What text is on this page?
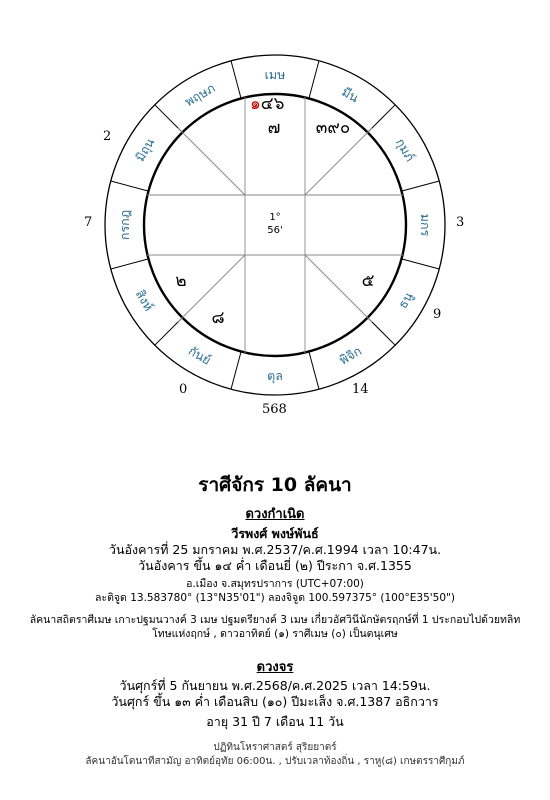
เมษ
พฤษภ
มิถุน
กรกฎ
สิงห์
กันย์
ตุล
พิจิก
ธนู
มกร
กุมภ์
มีน
1°
56'
๑๔๖
๗ ๓๙๐
๒	๕
๘
2
7	3
9
0	14
568
ราศีจักร 10 ลัคนา
ดวงกำเนิด
วีรพงศ์ พงษ์พันธ์
วันอังคารที่ 25 มกราคม พ.ศ.2537/ค.ศ.1994 เวลา 10:47น.
วันอังคาร ขึ้น ๑๔ ค่ำ เดือนยี่ (๒) ปีระกา จ.ศ.1355
อ.เมือง จ.สมุทรปราการ (UTC+07:00)
ละติจูด 13.583780° (13°N35'01") ลองจิจูด 100.597375° (100°E35'50")
ลัคนาสถิตราศีเมษ เกาะปฐมนวางค์ 3 เมษ ปฐมตรียางค์ 3 เมษ เกี่ยวอัศวินีนักษัตรฤกษ์ที่ 1 ประกอบไปด้วยทลิท
โทษแห่งฤกษ์ , ดาวอาทิตย์ (๑) ราศีเมษ (๐) เป็นตนุเศษ
ดวงจร
วันศุกร์ที่ 5 กันยายน พ.ศ.2568/ค.ศ.2025 เวลา 14:59น.
วันศุกร์ ขึ้น ๑๓ ค่ำ เดือนสิบ (๑๐) ปีมะเส็ง จ.ศ.1387 อธิกวาร
อายุ 31 ปี 7 เดือน 11 วัน
ปฏิทินโหราศาสตร์ สุริยยาตร์
ลัคนาอันโตนาทีสามัญ อาทิตย์อุทัย 06:00น. , ปรับเวลาท้องถิ่น , ราหู(๘) เกษตรราศีกุมภ์
